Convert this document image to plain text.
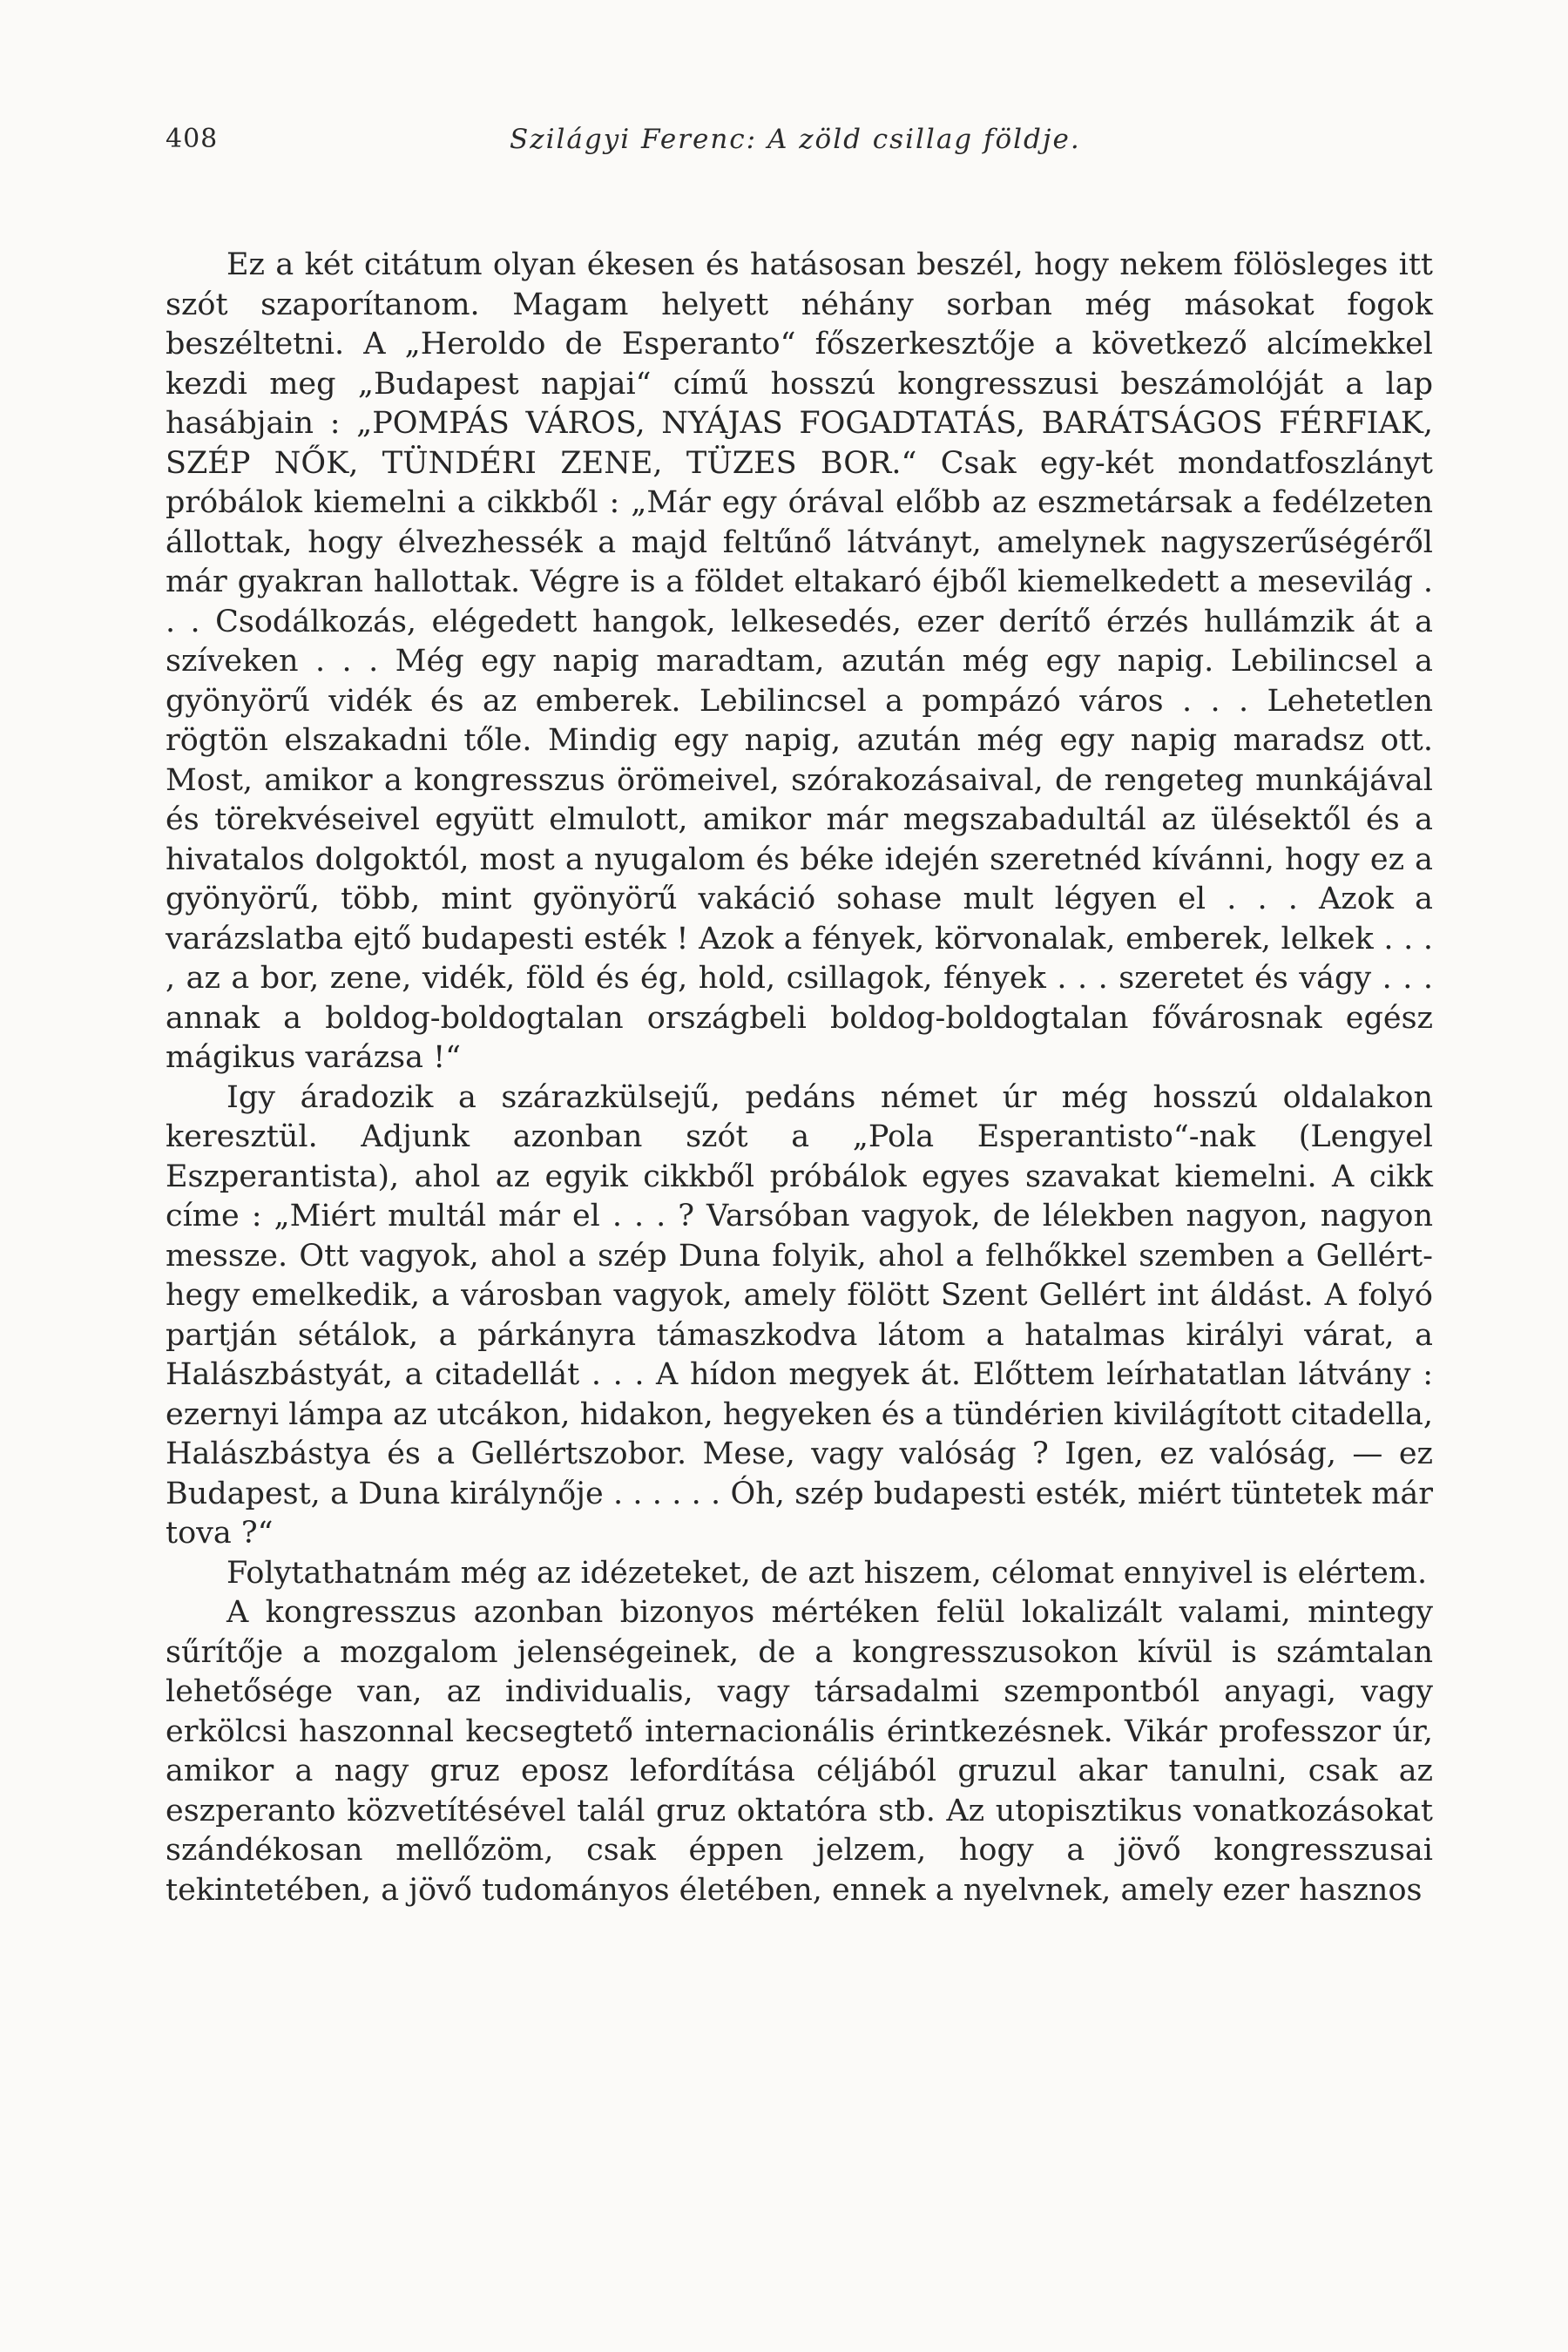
408	Szilágyi Ferenc: A zöld csillag földje.

Ez a két citátum olyan ékesen és hatásosan beszél, hogy nekem fölösleges itt szót szaporítanom. Magam helyett néhány sorban még másokat fogok beszéltetni. A „Heroldo de Esperanto“ főszerkesztője a következő alcímekkel kezdi meg „Budapest napjai“ című hosszú kongresszusi beszámolóját a lap hasábjain : „POMPÁS VÁROS, NYÁJAS FOGADTATÁS, BARÁTSÁGOS FÉRFIAK, SZÉP NŐK, TÜNDÉRI ZENE, TÜZES BOR.“ Csak egy-két mondatfoszlányt próbálok kiemelni a cikkből : „Már egy órával előbb az eszmetársak a fedélzeten állottak, hogy élvezhessék a majd feltűnő látványt, amelynek nagyszerűségéről már gyakran hallottak. Végre is a földet eltakaró éjből kiemelkedett a mesevilág . . . Csodálkozás, elégedett hangok, lelkesedés, ezer derítő érzés hullámzik át a szíveken . . . Még egy napig maradtam, azután még egy napig. Lebilincsel a gyönyörű vidék és az emberek. Lebilincsel a pompázó város . . . Lehetetlen rögtön elszakadni tőle. Mindig egy napig, azután még egy napig maradsz ott. Most, amikor a kongresszus örömeivel, szórakozásaival, de rengeteg munkájával és törekvéseivel együtt elmulott, amikor már megszabadultál az ülésektől és a hivatalos dolgoktól, most a nyugalom és béke idején szeretnéd kívánni, hogy ez a gyönyörű, több, mint gyönyörű vakáció sohase mult légyen el . . . Azok a varázslatba ejtő budapesti esték ! Azok a fények, körvonalak, emberek, lelkek . . . , az a bor, zene, vidék, föld és ég, hold, csillagok, fények . . . szeretet és vágy . . . annak a boldog-boldogtalan országbeli boldog-boldogtalan fővárosnak egész mágikus varázsa !“

Igy áradozik a szárazkülsejű, pedáns német úr még hosszú oldalakon keresztül. Adjunk azonban szót a „Pola Esperantisto“-nak (Lengyel Eszperantista), ahol az egyik cikkből próbálok egyes szavakat kiemelni. A cikk címe : „Miért multál már el . . . ? Varsóban vagyok, de lélekben nagyon, nagyon messze. Ott vagyok, ahol a szép Duna folyik, ahol a felhőkkel szemben a Gellért-hegy emelkedik, a városban vagyok, amely fölött Szent Gellért int áldást. A folyó partján sétálok, a párkányra támaszkodva látom a hatalmas királyi várat, a Halászbástyát, a citadellát . . . A hídon megyek át. Előttem leírhatatlan látvány : ezernyi lámpa az utcákon, hidakon, hegyeken és a tündérien kivilágított citadella, Halászbástya és a Gellértszobor. Mese, vagy valóság ? Igen, ez valóság, — ez Budapest, a Duna királynője . . . . . . Óh, szép budapesti esték, miért tüntetek már tova ?“

Folytathatnám még az idézeteket, de azt hiszem, célomat ennyivel is elértem.

A kongresszus azonban bizonyos mértéken felül lokalizált valami, mintegy sűrítője a mozgalom jelenségeinek, de a kongresszusokon kívül is számtalan lehetősége van, az individualis, vagy társadalmi szempontból anyagi, vagy erkölcsi haszonnal kecsegtető internacionális érintkezésnek. Vikár professzor úr, amikor a nagy gruz eposz lefordítása céljából gruzul akar tanulni, csak az eszperanto közvetítésével talál gruz oktatóra stb. Az utopisztikus vonatkozásokat szándékosan mellőzöm, csak éppen jelzem, hogy a jövő kongresszusai tekintetében, a jövő tudományos életében, ennek a nyelvnek, amely ezer hasznos
